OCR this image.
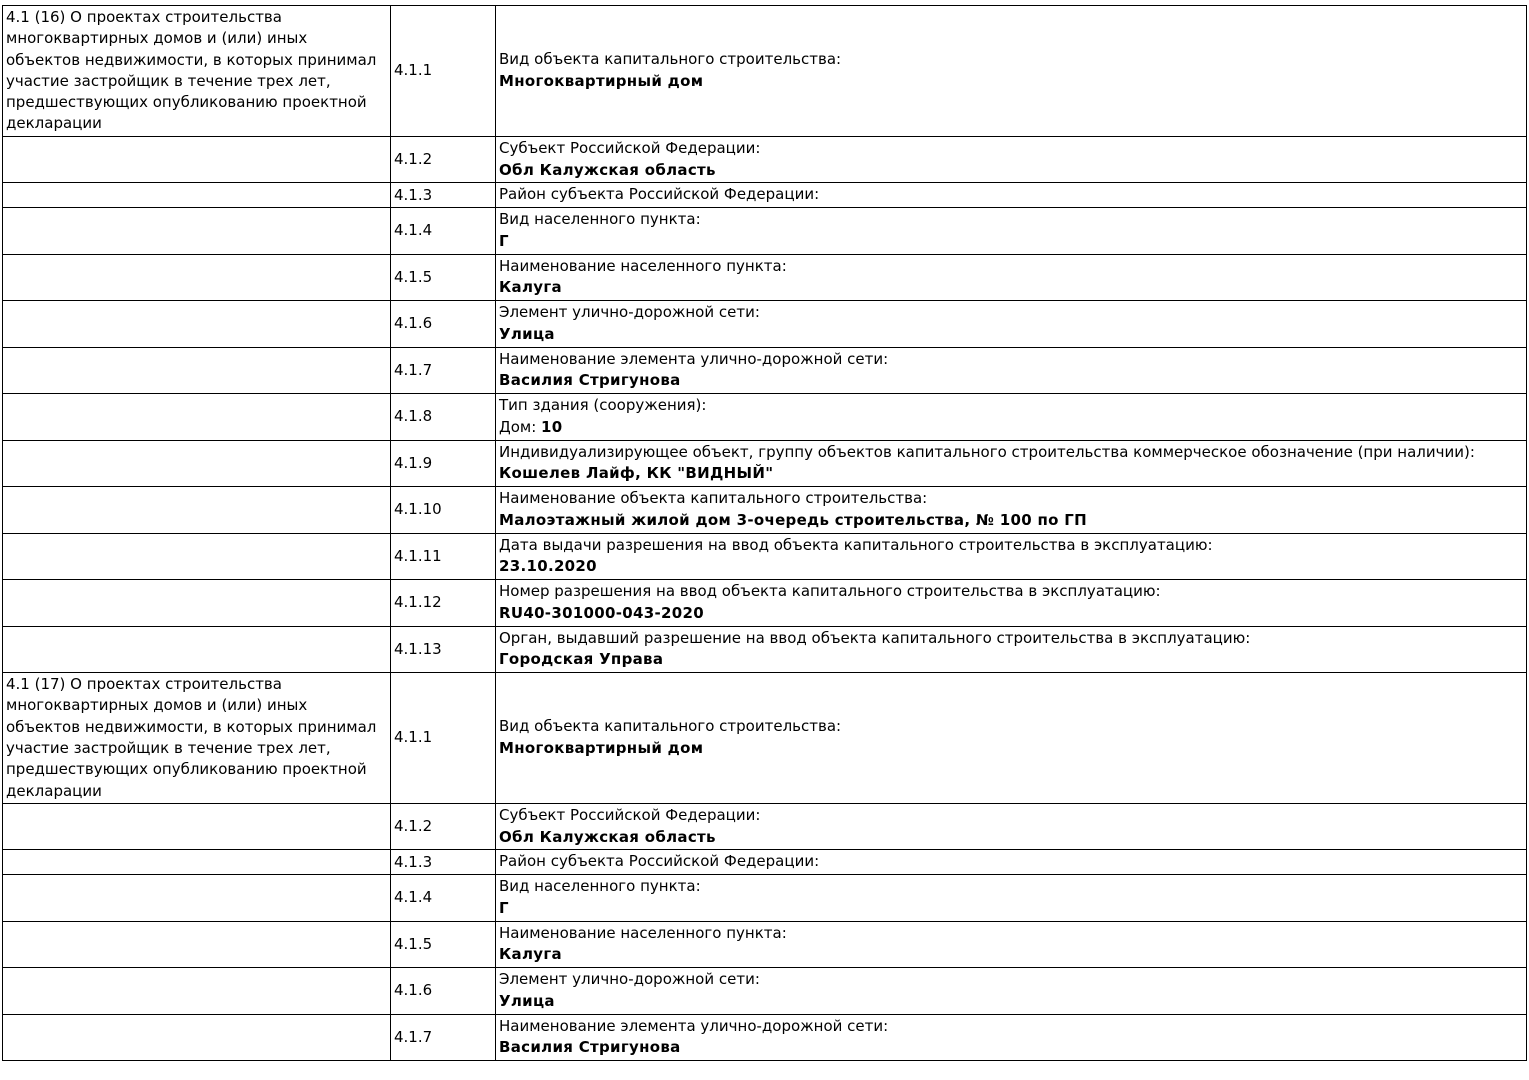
4.1 (16) О проектах строительства многоквартирных домов и (или) иных объектов недвижимости, в которых принимал участие застройщик в течение трех лет, предшествующих опубликованию проектной декларации	4.1.1	Вид объекта капитального строительства:
Многоквартирный дом

	4.1.2	Субъект Российской Федерации:
Обл Калужская область

	4.1.3	Район субъекта Российской Федерации:

	4.1.4	Вид населенного пункта:
Г

	4.1.5	Наименование населенного пункта:
Калуга

	4.1.6	Элемент улично-дорожной сети:
Улица

	4.1.7	Наименование элемента улично-дорожной сети:
Василия Стригунова

	4.1.8	Тип здания (сооружения):
Дом: 10

	4.1.9	Индивидуализирующее объект, группу объектов капитального строительства коммерческое обозначение (при наличии):
Кошелев Лайф, КК "ВИДНЫЙ"

	4.1.10	Наименование объекта капитального строительства:
Малоэтажный жилой дом 3-очередь строительства, № 100 по ГП

	4.1.11	Дата выдачи разрешения на ввод объекта капитального строительства в эксплуатацию:
23.10.2020

	4.1.12	Номер разрешения на ввод объекта капитального строительства в эксплуатацию:
RU40-301000-043-2020

	4.1.13	Орган, выдавший разрешение на ввод объекта капитального строительства в эксплуатацию:
Городская Управа

4.1 (17) О проектах строительства многоквартирных домов и (или) иных объектов недвижимости, в которых принимал участие застройщик в течение трех лет, предшествующих опубликованию проектной декларации	4.1.1	Вид объекта капитального строительства:
Многоквартирный дом

	4.1.2	Субъект Российской Федерации:
Обл Калужская область

	4.1.3	Район субъекта Российской Федерации:

	4.1.4	Вид населенного пункта:
Г

	4.1.5	Наименование населенного пункта:
Калуга

	4.1.6	Элемент улично-дорожной сети:
Улица

	4.1.7	Наименование элемента улично-дорожной сети:
Василия Стригунова
